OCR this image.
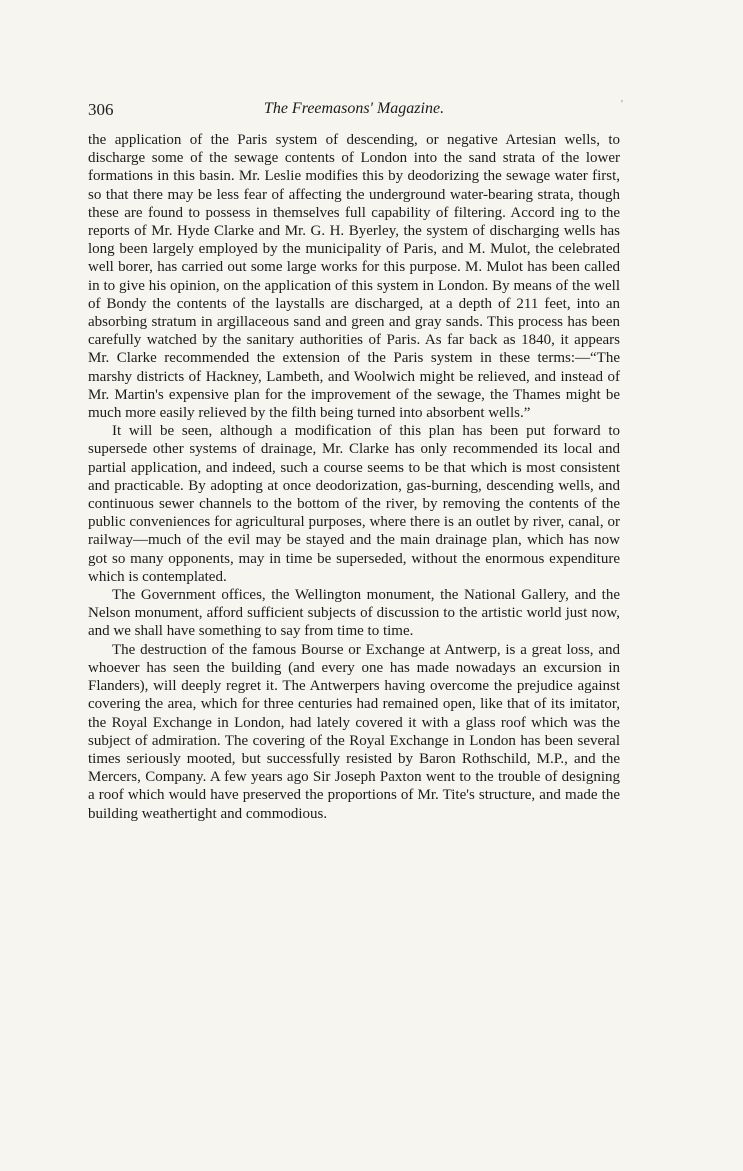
306	The Freemasons' Magazine.	’

the application of the Paris system of descending, or negative Artesian wells, to discharge some of the sewage contents of London into the sand strata of the lower formations in this basin. Mr. Leslie modifies this by deodorizing the sewage water first, so that there may be less fear of affecting the underground water-bearing strata, though these are found to possess in themselves full capability of filtering. Accord ing to the reports of Mr. Hyde Clarke and Mr. G. H. Byerley, the system of discharging wells has long been largely employed by the municipality of Paris, and M. Mulot, the celebrated well borer, has carried out some large works for this purpose. M. Mulot has been called in to give his opinion, on the application of this system in London. By means of the well of Bondy the contents of the laystalls are discharged, at a depth of 211 feet, into an absorbing stratum in argillaceous sand and green and gray sands. This process has been carefully watched by the sanitary authorities of Paris. As far back as 1840, it appears Mr. Clarke recommended the extension of the Paris system in these terms:—“The marshy districts of Hackney, Lambeth, and Woolwich might be relieved, and instead of Mr. Martin's expensive plan for the improvement of the sewage, the Thames might be much more easily relieved by the filth being turned into absorbent wells.”

It will be seen, although a modification of this plan has been put forward to supersede other systems of drainage, Mr. Clarke has only recommended its local and partial application, and indeed, such a course seems to be that which is most consistent and practicable. By adopting at once deodorization, gas-burning, descending wells, and continuous sewer channels to the bottom of the river, by removing the contents of the public conveniences for agricultural purposes, where there is an outlet by river, canal, or railway—much of the evil may be stayed and the main drainage plan, which has now got so many opponents, may in time be superseded, without the enormous expenditure which is contemplated.

The Government offices, the Wellington monument, the National Gallery, and the Nelson monument, afford sufficient subjects of discussion to the artistic world just now, and we shall have something to say from time to time.

The destruction of the famous Bourse or Exchange at Antwerp, is a great loss, and whoever has seen the building (and every one has made nowadays an excursion in Flanders), will deeply regret it. The Antwerpers having overcome the prejudice against covering the area, which for three centuries had remained open, like that of its imitator, the Royal Exchange in London, had lately covered it with a glass roof which was the subject of admiration. The covering of the Royal Exchange in London has been several times seriously mooted, but successfully resisted by Baron Rothschild, M.P., and the Mercers, Company. A few years ago Sir Joseph Paxton went to the trouble of designing a roof which would have preserved the proportions of Mr. Tite's structure, and made the building weathertight and commodious.
